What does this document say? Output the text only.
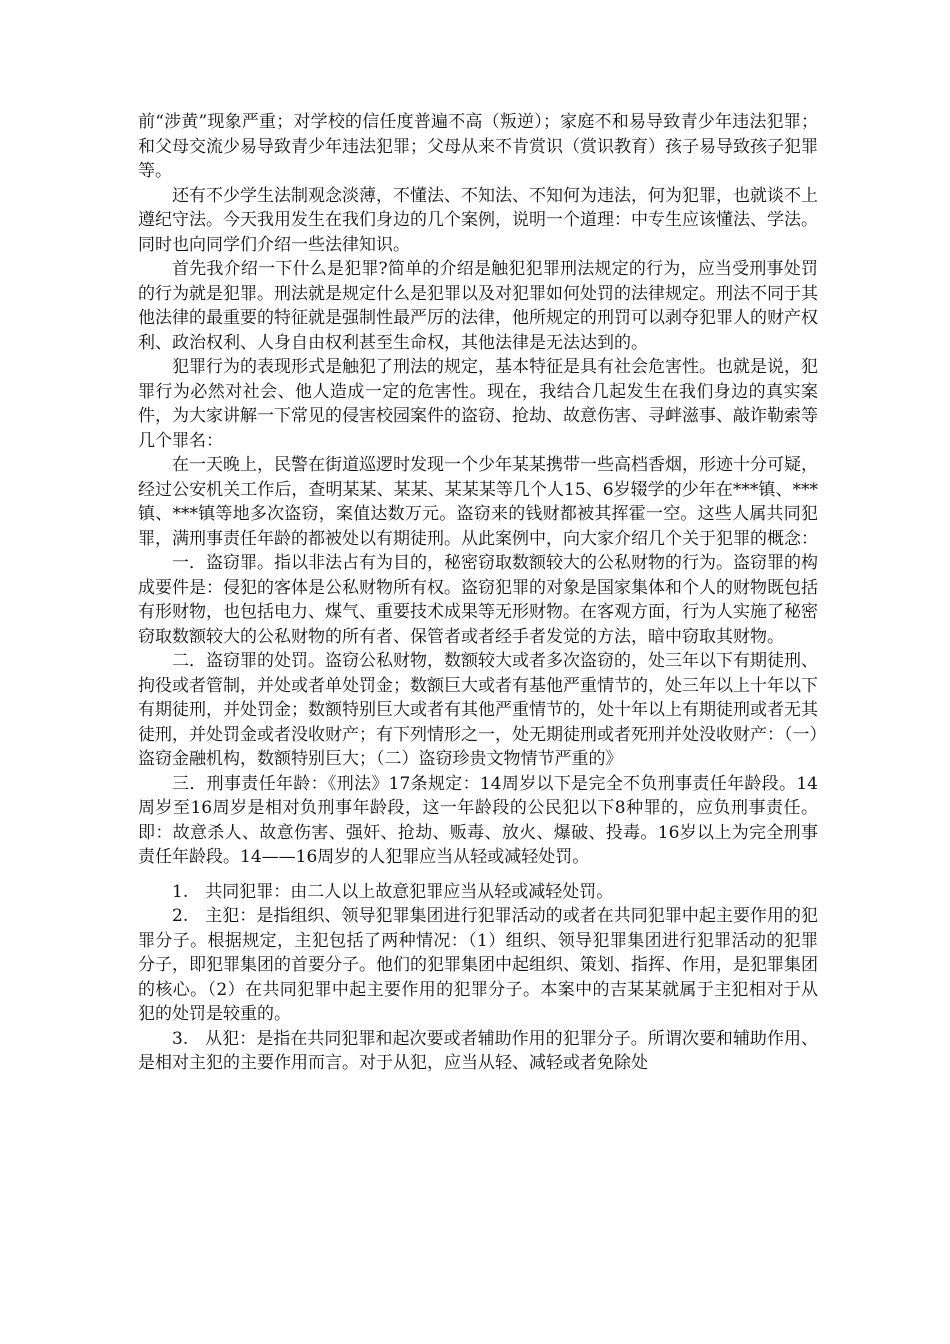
前“涉黄”现象严重；对学校的信任度普遍不高（叛逆）；家庭不和易导致青少年违法犯罪；和父母交流少易导致青少年违法犯罪；父母从来不肯赏识（赏识教育）孩子易导致孩子犯罪等。

还有不少学生法制观念淡薄，不懂法、不知法、不知何为违法，何为犯罪，也就谈不上遵纪守法。今天我用发生在我们身边的几个案例，说明一个道理：中专生应该懂法、学法。同时也向同学们介绍一些法律知识。

首先我介绍一下什么是犯罪?简单的介绍是触犯犯罪刑法规定的行为，应当受刑事处罚的行为就是犯罪。刑法就是规定什么是犯罪以及对犯罪如何处罚的法律规定。刑法不同于其他法律的最重要的特征就是强制性最严厉的法律，他所规定的刑罚可以剥夺犯罪人的财产权利、政治权利、人身自由权利甚至生命权，其他法律是无法达到的。

犯罪行为的表现形式是触犯了刑法的规定，基本特征是具有社会危害性。也就是说，犯罪行为必然对社会、他人造成一定的危害性。现在，我结合几起发生在我们身边的真实案件，为大家讲解一下常见的侵害校园案件的盗窃、抢劫、故意伤害、寻衅滋事、敲诈勒索等几个罪名：

在一天晚上，民警在街道巡逻时发现一个少年某某携带一些高档香烟，形迹十分可疑，经过公安机关工作后，查明某某、某某、某某某等几个人15、6岁辍学的少年在***镇、***镇、***镇等地多次盗窃，案值达数万元。盗窃来的钱财都被其挥霍一空。这些人属共同犯罪，满刑事责任年龄的都被处以有期徒刑。从此案例中，向大家介绍几个关于犯罪的概念：

一．盗窃罪。指以非法占有为目的，秘密窃取数额较大的公私财物的行为。盗窃罪的构成要件是：侵犯的客体是公私财物所有权。盗窃犯罪的对象是国家集体和个人的财物既包括有形财物，也包括电力、煤气、重要技术成果等无形财物。在客观方面，行为人实施了秘密窃取数额较大的公私财物的所有者、保管者或者经手者发觉的方法，暗中窃取其财物。

二．盗窃罪的处罚。盗窃公私财物，数额较大或者多次盗窃的，处三年以下有期徒刑、拘役或者管制，并处或者单处罚金；数额巨大或者有基他严重情节的，处三年以上十年以下有期徒刑，并处罚金；数额特别巨大或者有其他严重情节的，处十年以上有期徒刑或者无其徒刑，并处罚金或者没收财产；有下列情形之一，处无期徒刑或者死刑并处没收财产：（一）盗窃金融机构，数额特别巨大；（二）盗窃珍贵文物情节严重的》

三．刑事责任年龄：《刑法》17条规定：14周岁以下是完全不负刑事责任年龄段。14周岁至16周岁是相对负刑事年龄段，这一年龄段的公民犯以下8种罪的，应负刑事责任。即：故意杀人、故意伤害、强奸、抢劫、贩毒、放火、爆破、投毒。16岁以上为完全刑事责任年龄段。14——16周岁的人犯罪应当从轻或减轻处罚。

1.　共同犯罪：由二人以上故意犯罪应当从轻或减轻处罚。

2.　主犯：是指组织、领导犯罪集团进行犯罪活动的或者在共同犯罪中起主要作用的犯罪分子。根据规定，主犯包括了两种情况：（1）组织、领导犯罪集团进行犯罪活动的犯罪分子，即犯罪集团的首要分子。他们的犯罪集团中起组织、策划、指挥、作用，是犯罪集团的核心。（2）在共同犯罪中起主要作用的犯罪分子。本案中的吉某某就属于主犯相对于从犯的处罚是较重的。

3.　从犯：是指在共同犯罪和起次要或者辅助作用的犯罪分子。所谓次要和辅助作用、是相对主犯的主要作用而言。对于从犯，应当从轻、减轻或者免除处
